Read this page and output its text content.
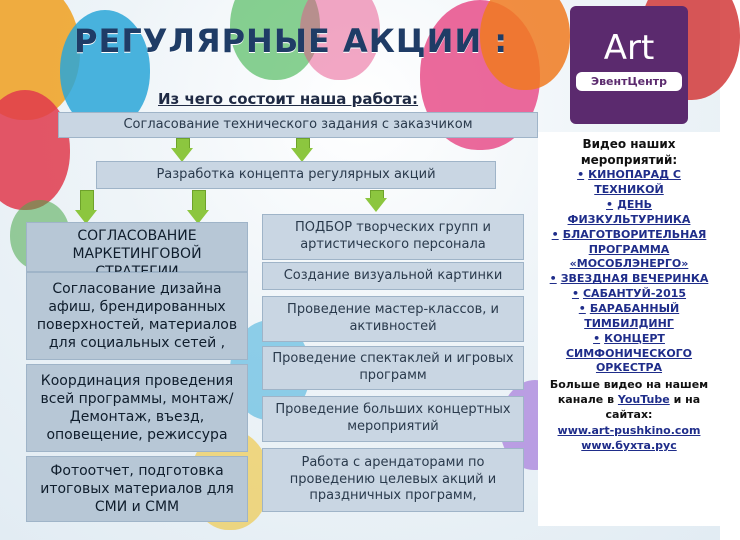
РЕГУЛЯРНЫЕ АКЦИИ :	Art
ЭвентЦентр
Из чего состоит наша работа:
Согласование технического задания с заказчиком
Разработка концепта регулярных акций
СОГЛАСОВАНИЕ МАРКЕТИНГОВОЙ
Согласование дизайна афиш, брендированных поверхностей, материалов для социальных сетей ,
Координация проведения всей программы, монтаж/Демонтаж, въезд, оповещение, режиссура
Фотоотчет, подготовка итоговых материалов для СМИ и СММ
ПОДБОР творческих групп и артистического персонала
Создание визуальной картинки
Проведение мастер-классов, и активностей
Проведение спектаклей и игровых программ
Проведение больших концертных мероприятий
Работа с арендаторами по проведению целевых акций и праздничных программ,
Видео наших мероприятий:
• КИНОПАРАД С ТЕХНИКОЙ
• ДЕНЬ ФИЗКУЛЬТУРНИКА
• БЛАГОТВОРИТЕЛЬНАЯ ПРОГРАММА «МОСОБЛЭНЕРГО»
• ЗВЕЗДНАЯ ВЕЧЕРИНКА
• САБАНТУЙ-2015
• БАРАБАННЫЙ ТИМБИЛДИНГ
• КОНЦЕРТ СИМФОНИЧЕСКОГО ОРКЕСТРА
Больше видео на нашем канале в YouTube и на сайтах:
www.art-pushkino.com
www.бухта.рус
